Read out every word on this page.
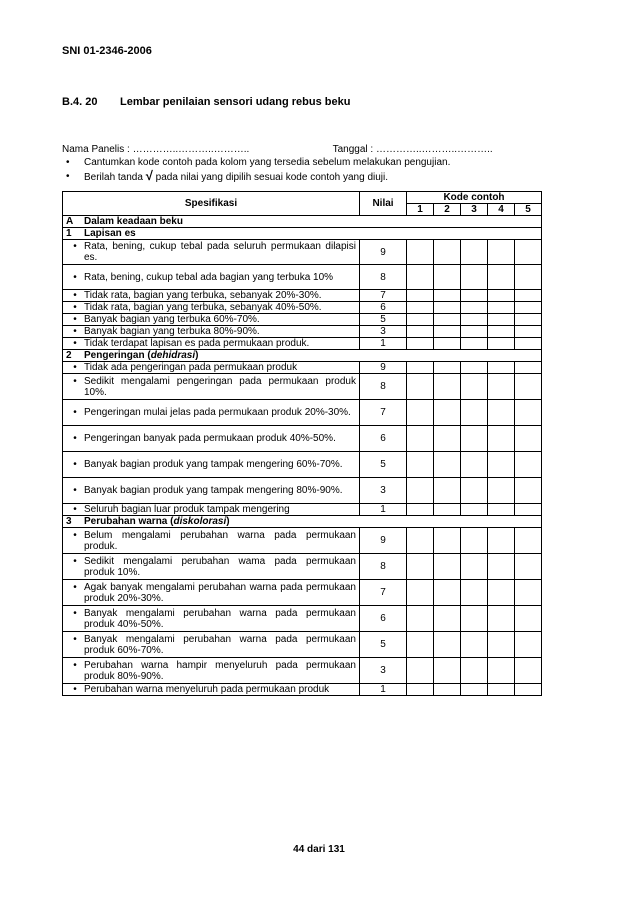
SNI 01-2346-2006
B.4. 20 Lembar penilaian sensori udang rebus beku
Nama Panelis :
…………..………..………..	Tanggal :
…………..………..………..
•	Cantumkan kode contoh pada kolom yang tersedia sebelum melakukan pengujian.
•	Berilah tanda √ pada nilai yang dipilih sesuai kode contoh yang diuji.
Spesifikasi	Nilai	Kode contoh				
		1	2	3	4	5
A Dalam keadaan beku						
1 Lapisan es						

• Rata, bening, cukup tebal pada seluruh permukaan dilapisi es.	9					

• Rata, bening, cukup tebal ada bagian yang terbuka 10%	8					

• Tidak rata, bagian yang terbuka, sebanyak 20%-30%.	7					

• Tidak rata, bagian yang terbuka, sebanyak 40%-50%.	6					

• Banyak bagian yang terbuka 60%-70%.	5					

• Banyak bagian yang terbuka 80%-90%.	3					

• Tidak terdapat lapisan es pada permukaan produk.	1					
2 Pengeringan (dehidrasi)						

• Tidak ada pengeringan pada permukaan produk	9					

• Sedikit mengalami pengeringan pada permukaan produk 10%.	8					

• Pengeringan mulai jelas pada permukaan produk 20%-30%.	7					

• Pengeringan banyak pada permukaan produk 40%-50%.	6					

• Banyak bagian produk yang tampak mengering 60%-70%.	5					

• Banyak bagian produk yang tampak mengering 80%-90%.	3					

• Seluruh bagian luar produk tampak mengering	1					
3 Perubahan warna (diskolorasi)						

• Belum mengalami perubahan warna pada permukaan produk.	9					

• Sedikit mengalami perubahan wama pada permukaan produk 10%.	8					

• Agak banyak mengalami perubahan warna pada permukaan produk 20%-30%.	7					

• Banyak mengalami perubahan warna pada permukaan produk 40%-50%.	6					

• Banyak mengalami perubahan warna pada permukaan produk 60%-70%.	5					

• Perubahan warna hampir menyeluruh pada permukaan produk 80%-90%.	3					

• Perubahan warna menyeluruh pada permukaan produk	1					
44 dari 131
